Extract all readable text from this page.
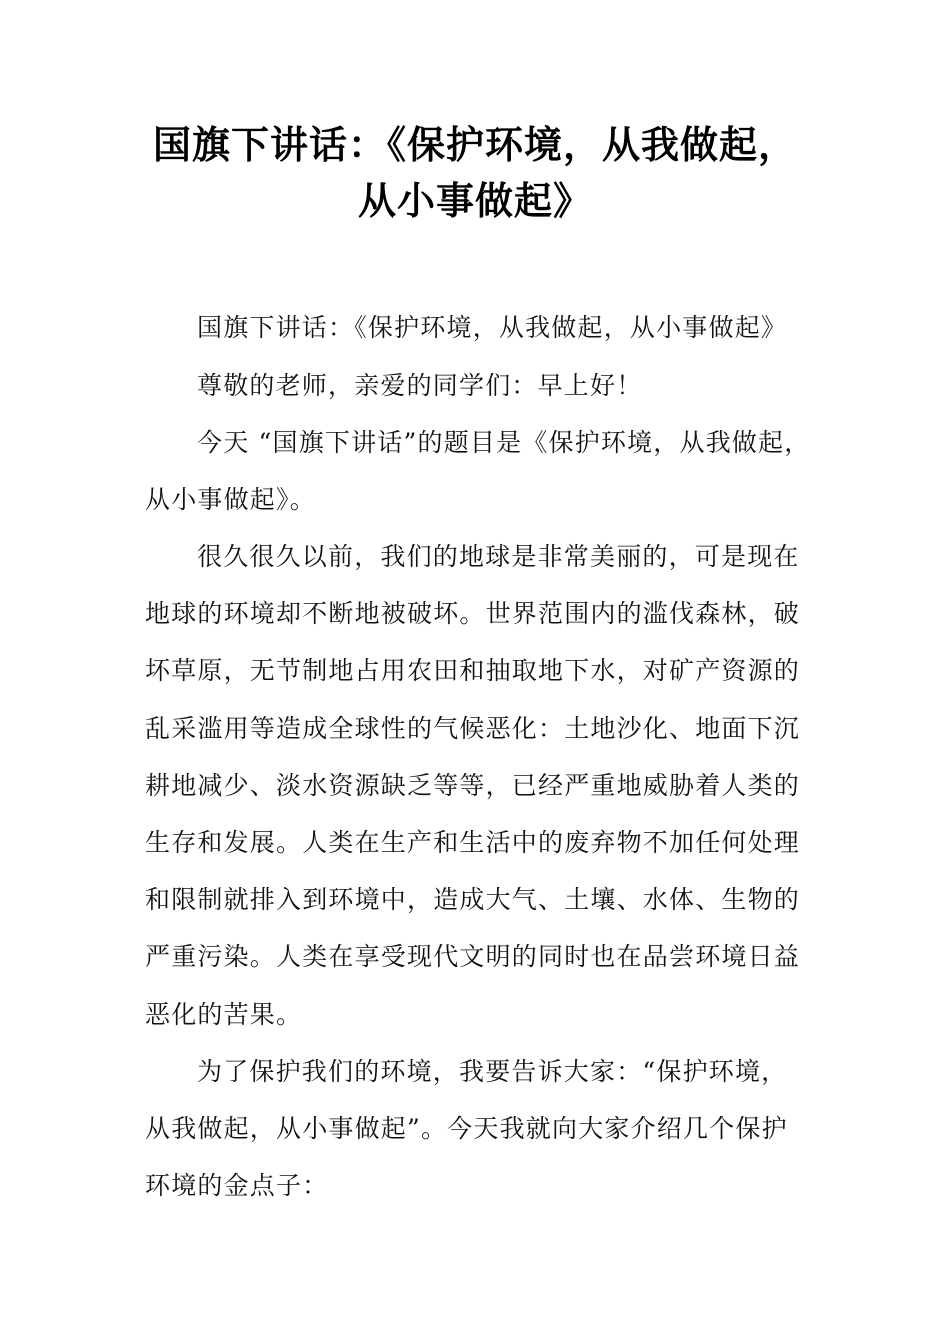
国旗下讲话：《保护环境，从我做起，
从小事做起》
国旗下讲话：《保护环境，从我做起，从小事做起》
尊敬的老师，亲爱的同学们：早上好！
今天 “国旗下讲话”的题目是《保护环境，从我做起，
从小事做起》。
很久很久以前，我们的地球是非常美丽的，可是现在
地球的环境却不断地被破坏。世界范围内的滥伐森林，破
坏草原，无节制地占用农田和抽取地下水，对矿产资源的
乱采滥用等造成全球性的气候恶化：土地沙化、地面下沉
耕地减少、淡水资源缺乏等等，已经严重地威胁着人类的
生存和发展。人类在生产和生活中的废弃物不加任何处理
和限制就排入到环境中，造成大气、土壤、水体、生物的
严重污染。人类在享受现代文明的同时也在品尝环境日益
恶化的苦果。
为了保护我们的环境，我要告诉大家：“保护环境，
从我做起，从小事做起”。今天我就向大家介绍几个保护
环境的金点子：
